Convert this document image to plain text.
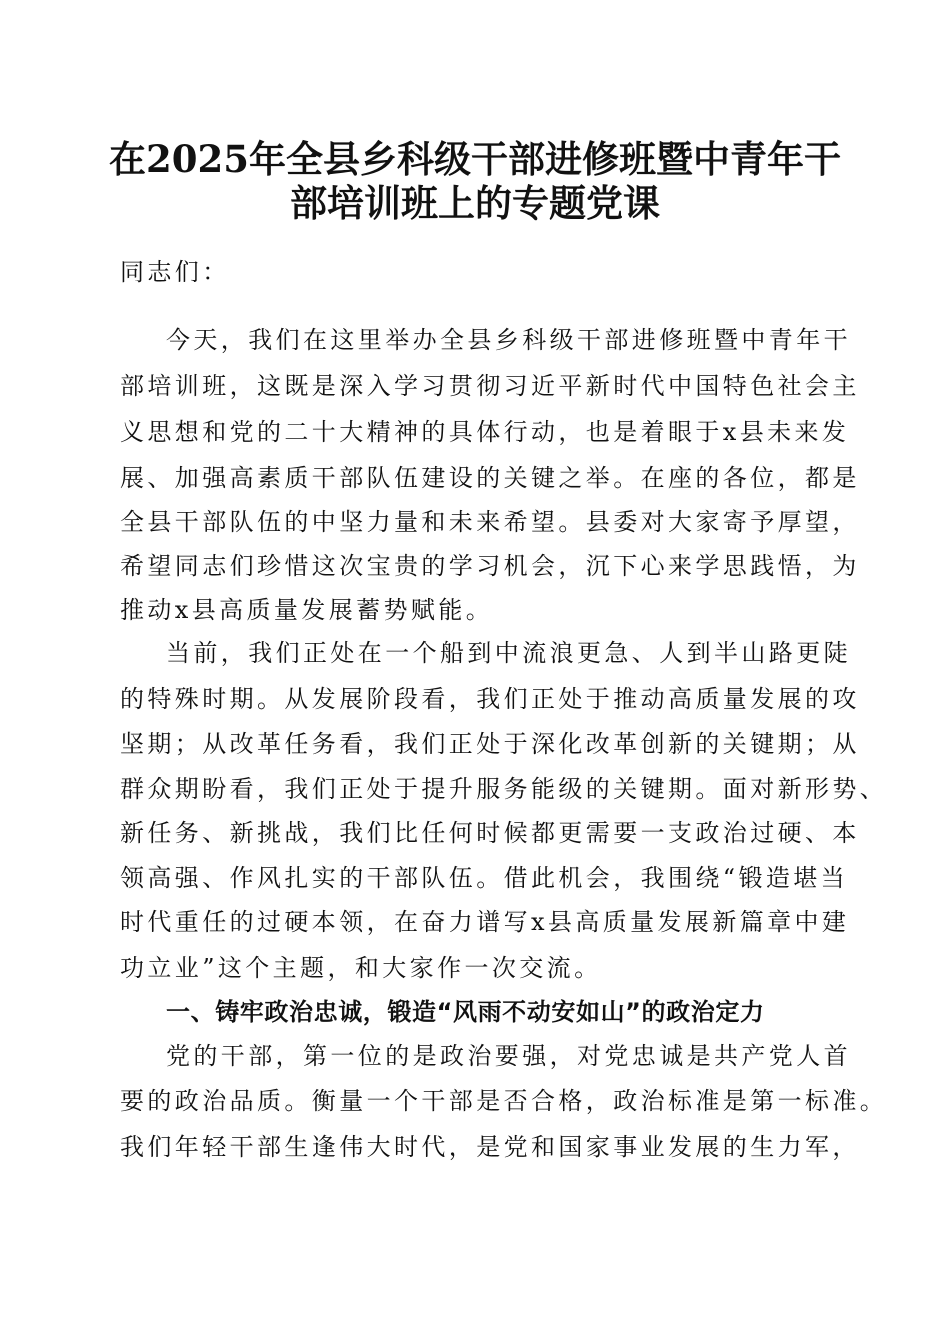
在2025年全县乡科级干部进修班暨中青年干
部培训班上的专题党课

同志们：

今天，我们在这里举办全县乡科级干部进修班暨中青年干

部培训班，这既是深入学习贯彻习近平新时代中国特色社会主

义思想和党的二十大精神的具体行动，也是着眼于x县未来发

展、加强高素质干部队伍建设的关键之举。在座的各位，都是

全县干部队伍的中坚力量和未来希望。县委对大家寄予厚望，

希望同志们珍惜这次宝贵的学习机会，沉下心来学思践悟，为

推动x县高质量发展蓄势赋能。

当前，我们正处在一个船到中流浪更急、人到半山路更陡

的特殊时期。从发展阶段看，我们正处于推动高质量发展的攻

坚期；从改革任务看，我们正处于深化改革创新的关键期；从

群众期盼看，我们正处于提升服务能级的关键期。面对新形势、

新任务、新挑战，我们比任何时候都更需要一支政治过硬、本

领高强、作风扎实的干部队伍。借此机会，我围绕“锻造堪当

时代重任的过硬本领，在奋力谱写x县高质量发展新篇章中建

功立业”这个主题，和大家作一次交流。

一、铸牢政治忠诚，锻造“风雨不动安如山”的政治定力

党的干部，第一位的是政治要强，对党忠诚是共产党人首

要的政治品质。衡量一个干部是否合格，政治标准是第一标准。

我们年轻干部生逢伟大时代，是党和国家事业发展的生力军，
